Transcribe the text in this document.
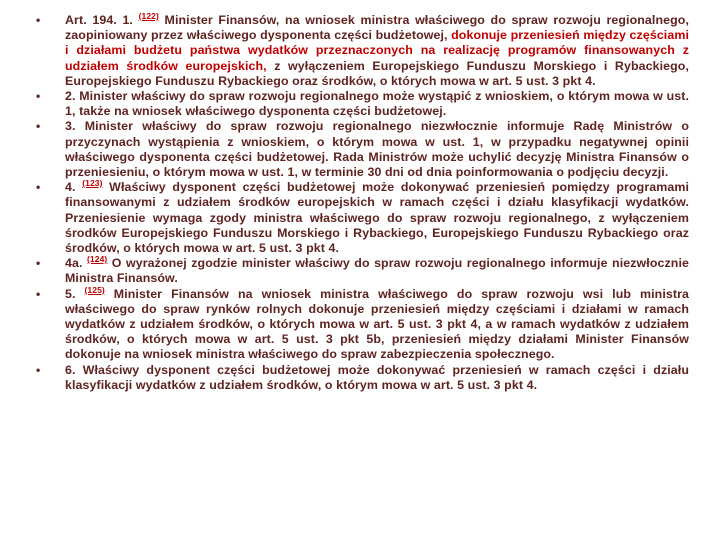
•	Art. 194. 1. $^{(122)}$ Minister Finansów, na wniosek ministra właściwego do spraw rozwoju regionalnego, zaopiniowany przez właściwego dysponenta części budżetowej, dokonuje przeniesień między częściami i działami budżetu państwa wydatków przeznaczonych na realizację programów finansowanych z udziałem środków europejskich, z wyłączeniem Europejskiego Funduszu Morskiego i Rybackiego, Europejskiego Funduszu Rybackiego oraz środków, o których mowa w art. 5 ust. 3 pkt 4.

•	2. Minister właściwy do spraw rozwoju regionalnego może wystąpić z wnioskiem, o którym mowa w ust. 1, także na wniosek właściwego dysponenta części budżetowej.

•	3. Minister właściwy do spraw rozwoju regionalnego niezwłocznie informuje Radę Ministrów o przyczynach wystąpienia z wnioskiem, o którym mowa w ust. 1, w przypadku negatywnej opinii właściwego dysponenta części budżetowej. Rada Ministrów może uchylić decyzję Ministra Finansów o przeniesieniu, o którym mowa w ust. 1, w terminie 30 dni od dnia poinformowania o podjęciu decyzji.

•	4. $^{(123)}$ Właściwy dysponent części budżetowej może dokonywać przeniesień pomiędzy programami finansowanymi z udziałem środków europejskich w ramach części i działu klasyfikacji wydatków. Przeniesienie wymaga zgody ministra właściwego do spraw rozwoju regionalnego, z wyłączeniem środków Europejskiego Funduszu Morskiego i Rybackiego, Europejskiego Funduszu Rybackiego oraz środków, o których mowa w art. 5 ust. 3 pkt 4.

•	4a. $^{(124)}$ O wyrażonej zgodzie minister właściwy do spraw rozwoju regionalnego informuje niezwłocznie Ministra Finansów.

•	5. $^{(125)}$ Minister Finansów na wniosek ministra właściwego do spraw rozwoju wsi lub ministra właściwego do spraw rynków rolnych dokonuje przeniesień między częściami i działami w ramach wydatków z udziałem środków, o których mowa w art. 5 ust. 3 pkt 4, a w ramach wydatków z udziałem środków, o których mowa w art. 5 ust. 3 pkt 5b, przeniesień między działami Minister Finansów dokonuje na wniosek ministra właściwego do spraw zabezpieczenia społecznego.

•	6. Właściwy dysponent części budżetowej może dokonywać przeniesień w ramach części i działu klasyfikacji wydatków z udziałem środków, o którym mowa w art. 5 ust. 3 pkt 4.
